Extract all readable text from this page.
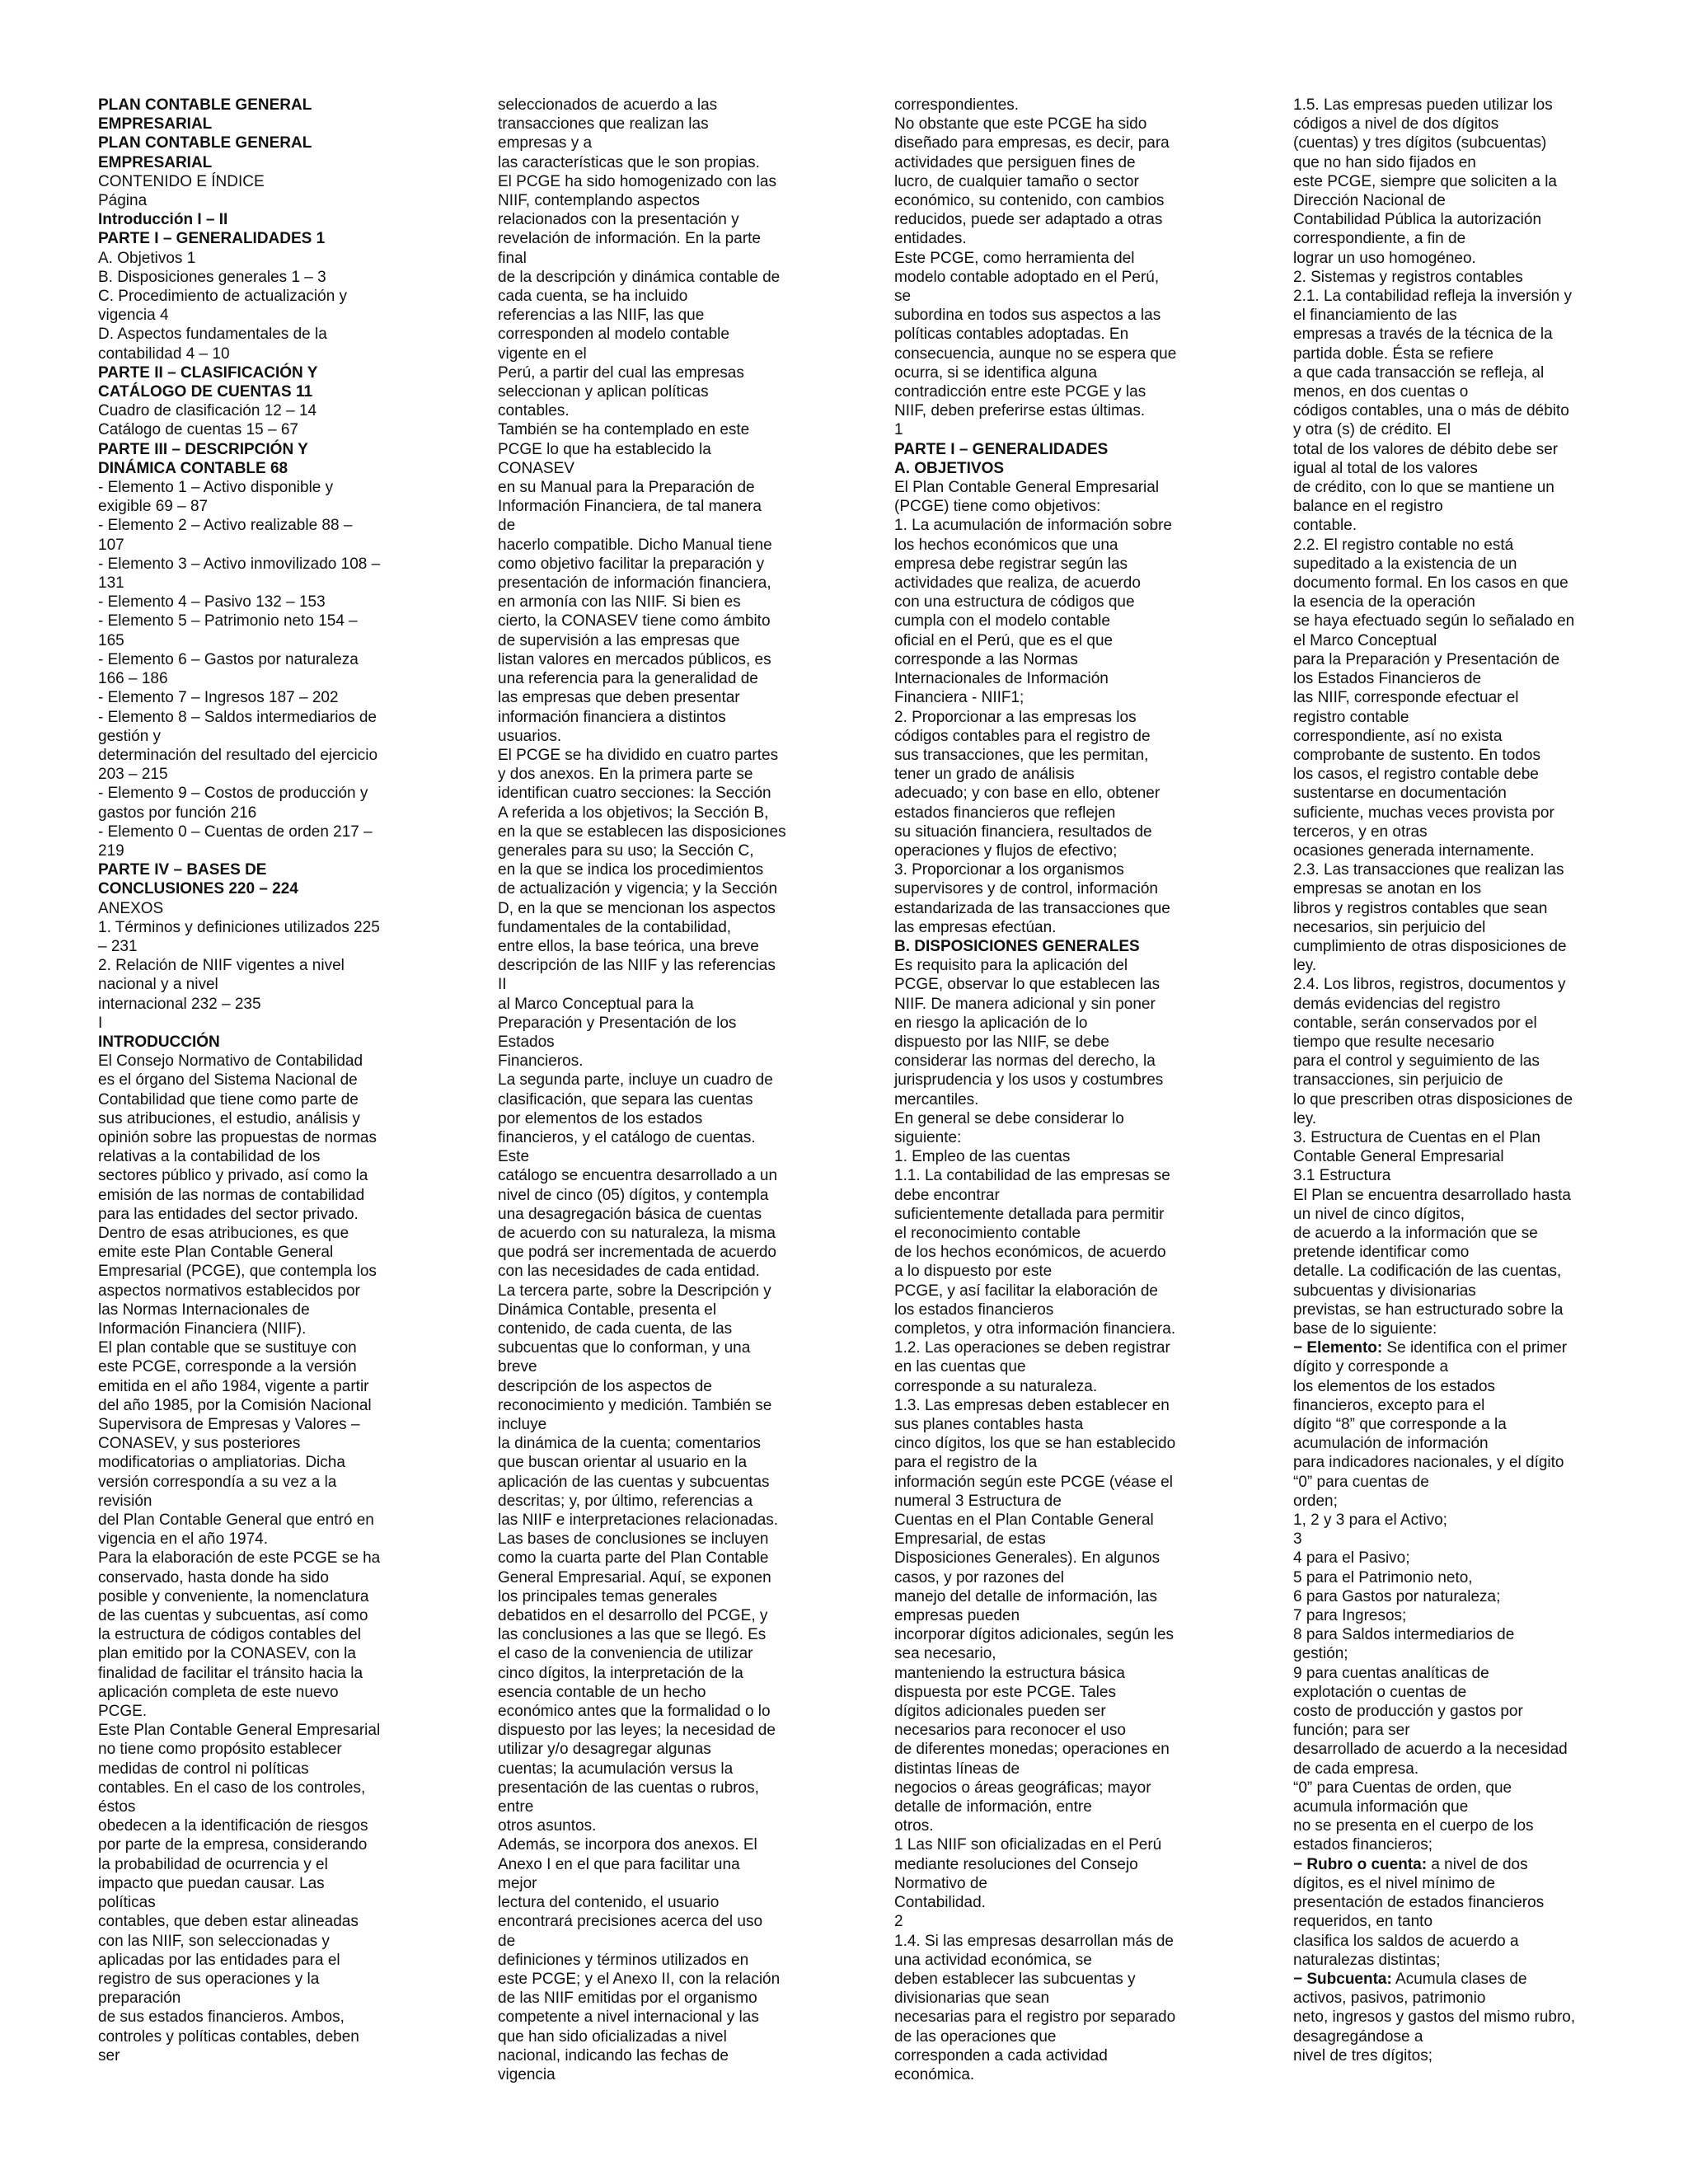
PLAN CONTABLE GENERAL
EMPRESARIAL
PLAN CONTABLE GENERAL
EMPRESARIAL
CONTENIDO E ÍNDICE
Página
Introducción I – II
PARTE I – GENERALIDADES 1
A. Objetivos 1
B. Disposiciones generales 1 – 3
C. Procedimiento de actualización y
vigencia 4
D. Aspectos fundamentales de la
contabilidad 4 – 10
PARTE II – CLASIFICACIÓN Y
CATÁLOGO DE CUENTAS 11
Cuadro de clasificación 12 – 14
Catálogo de cuentas 15 – 67
PARTE III – DESCRIPCIÓN Y
DINÁMICA CONTABLE 68
- Elemento 1 – Activo disponible y
exigible 69 – 87
- Elemento 2 – Activo realizable 88 –
107
- Elemento 3 – Activo inmovilizado 108 –
131
- Elemento 4 – Pasivo 132 – 153
- Elemento 5 – Patrimonio neto 154 –
165
- Elemento 6 – Gastos por naturaleza
166 – 186
- Elemento 7 – Ingresos 187 – 202
- Elemento 8 – Saldos intermediarios de
gestión y
determinación del resultado del ejercicio
203 – 215
- Elemento 9 – Costos de producción y
gastos por función 216
- Elemento 0 – Cuentas de orden 217 –
219
PARTE IV – BASES DE
CONCLUSIONES 220 – 224
ANEXOS
1. Términos y definiciones utilizados 225
– 231
2. Relación de NIIF vigentes a nivel
nacional y a nivel
internacional 232 – 235
I
INTRODUCCIÓN
El Consejo Normativo de Contabilidad
es el órgano del Sistema Nacional de
Contabilidad que tiene como parte de
sus atribuciones, el estudio, análisis y
opinión sobre las propuestas de normas
relativas a la contabilidad de los
sectores público y privado, así como la
emisión de las normas de contabilidad
para las entidades del sector privado.
Dentro de esas atribuciones, es que
emite este Plan Contable General
Empresarial (PCGE), que contempla los
aspectos normativos establecidos por
las Normas Internacionales de
Información Financiera (NIIF).
El plan contable que se sustituye con
este PCGE, corresponde a la versión
emitida en el año 1984, vigente a partir
del año 1985, por la Comisión Nacional
Supervisora de Empresas y Valores –
CONASEV, y sus posteriores
modificatorias o ampliatorias. Dicha
versión correspondía a su vez a la
revisión
del Plan Contable General que entró en
vigencia en el año 1974.
Para la elaboración de este PCGE se ha
conservado, hasta donde ha sido
posible y conveniente, la nomenclatura
de las cuentas y subcuentas, así como
la estructura de códigos contables del
plan emitido por la CONASEV, con la
finalidad de facilitar el tránsito hacia la
aplicación completa de este nuevo
PCGE.
Este Plan Contable General Empresarial
no tiene como propósito establecer
medidas de control ni políticas
contables. En el caso de los controles,
éstos
obedecen a la identificación de riesgos
por parte de la empresa, considerando
la probabilidad de ocurrencia y el
impacto que puedan causar. Las
políticas
contables, que deben estar alineadas
con las NIIF, son seleccionadas y
aplicadas por las entidades para el
registro de sus operaciones y la
preparación
de sus estados financieros. Ambos,
controles y políticas contables, deben
ser
seleccionados de acuerdo a las
transacciones que realizan las
empresas y a
las características que le son propias.
El PCGE ha sido homogenizado con las
NIIF, contemplando aspectos
relacionados con la presentación y
revelación de información. En la parte
final
de la descripción y dinámica contable de
cada cuenta, se ha incluido
referencias a las NIIF, las que
corresponden al modelo contable
vigente en el
Perú, a partir del cual las empresas
seleccionan y aplican políticas
contables.
También se ha contemplado en este
PCGE lo que ha establecido la
CONASEV
en su Manual para la Preparación de
Información Financiera, de tal manera
de
hacerlo compatible. Dicho Manual tiene
como objetivo facilitar la preparación y
presentación de información financiera,
en armonía con las NIIF. Si bien es
cierto, la CONASEV tiene como ámbito
de supervisión a las empresas que
listan valores en mercados públicos, es
una referencia para la generalidad de
las empresas que deben presentar
información financiera a distintos
usuarios.
El PCGE se ha dividido en cuatro partes
y dos anexos. En la primera parte se
identifican cuatro secciones: la Sección
A referida a los objetivos; la Sección B,
en la que se establecen las disposiciones
generales para su uso; la Sección C,
en la que se indica los procedimientos
de actualización y vigencia; y la Sección
D, en la que se mencionan los aspectos
fundamentales de la contabilidad,
entre ellos, la base teórica, una breve
descripción de las NIIF y las referencias
II
al Marco Conceptual para la
Preparación y Presentación de los
Estados
Financieros.
La segunda parte, incluye un cuadro de
clasificación, que separa las cuentas
por elementos de los estados
financieros, y el catálogo de cuentas.
Este
catálogo se encuentra desarrollado a un
nivel de cinco (05) dígitos, y contempla
una desagregación básica de cuentas
de acuerdo con su naturaleza, la misma
que podrá ser incrementada de acuerdo
con las necesidades de cada entidad.
La tercera parte, sobre la Descripción y
Dinámica Contable, presenta el
contenido, de cada cuenta, de las
subcuentas que lo conforman, y una
breve
descripción de los aspectos de
reconocimiento y medición. También se
incluye
la dinámica de la cuenta; comentarios
que buscan orientar al usuario en la
aplicación de las cuentas y subcuentas
descritas; y, por último, referencias a
las NIIF e interpretaciones relacionadas.
Las bases de conclusiones se incluyen
como la cuarta parte del Plan Contable
General Empresarial. Aquí, se exponen
los principales temas generales
debatidos en el desarrollo del PCGE, y
las conclusiones a las que se llegó. Es
el caso de la conveniencia de utilizar
cinco dígitos, la interpretación de la
esencia contable de un hecho
económico antes que la formalidad o lo
dispuesto por las leyes; la necesidad de
utilizar y/o desagregar algunas
cuentas; la acumulación versus la
presentación de las cuentas o rubros,
entre
otros asuntos.
Además, se incorpora dos anexos. El
Anexo I en el que para facilitar una
mejor
lectura del contenido, el usuario
encontrará precisiones acerca del uso
de
definiciones y términos utilizados en
este PCGE; y el Anexo II, con la relación
de las NIIF emitidas por el organismo
competente a nivel internacional y las
que han sido oficializadas a nivel
nacional, indicando las fechas de
vigencia
correspondientes.
No obstante que este PCGE ha sido
diseñado para empresas, es decir, para
actividades que persiguen fines de
lucro, de cualquier tamaño o sector
económico, su contenido, con cambios
reducidos, puede ser adaptado a otras
entidades.
Este PCGE, como herramienta del
modelo contable adoptado en el Perú,
se
subordina en todos sus aspectos a las
políticas contables adoptadas. En
consecuencia, aunque no se espera que
ocurra, si se identifica alguna
contradicción entre este PCGE y las
NIIF, deben preferirse estas últimas.
1
PARTE I – GENERALIDADES
A. OBJETIVOS
El Plan Contable General Empresarial
(PCGE) tiene como objetivos:
1. La acumulación de información sobre
los hechos económicos que una
empresa debe registrar según las
actividades que realiza, de acuerdo
con una estructura de códigos que
cumpla con el modelo contable
oficial en el Perú, que es el que
corresponde a las Normas
Internacionales de Información
Financiera - NIIF1;
2. Proporcionar a las empresas los
códigos contables para el registro de
sus transacciones, que les permitan,
tener un grado de análisis
adecuado; y con base en ello, obtener
estados financieros que reflejen
su situación financiera, resultados de
operaciones y flujos de efectivo;
3. Proporcionar a los organismos
supervisores y de control, información
estandarizada de las transacciones que
las empresas efectúan.
B. DISPOSICIONES GENERALES
Es requisito para la aplicación del
PCGE, observar lo que establecen las
NIIF. De manera adicional y sin poner
en riesgo la aplicación de lo
dispuesto por las NIIF, se debe
considerar las normas del derecho, la
jurisprudencia y los usos y costumbres
mercantiles.
En general se debe considerar lo
siguiente:
1. Empleo de las cuentas
1.1. La contabilidad de las empresas se
debe encontrar
suficientemente detallada para permitir
el reconocimiento contable
de los hechos económicos, de acuerdo
a lo dispuesto por este
PCGE, y así facilitar la elaboración de
los estados financieros
completos, y otra información financiera.
1.2. Las operaciones se deben registrar
en las cuentas que
corresponde a su naturaleza.
1.3. Las empresas deben establecer en
sus planes contables hasta
cinco dígitos, los que se han establecido
para el registro de la
información según este PCGE (véase el
numeral 3 Estructura de
Cuentas en el Plan Contable General
Empresarial, de estas
Disposiciones Generales). En algunos
casos, y por razones del
manejo del detalle de información, las
empresas pueden
incorporar dígitos adicionales, según les
sea necesario,
manteniendo la estructura básica
dispuesta por este PCGE. Tales
dígitos adicionales pueden ser
necesarios para reconocer el uso
de diferentes monedas; operaciones en
distintas líneas de
negocios o áreas geográficas; mayor
detalle de información, entre
otros.
1 Las NIIF son oficializadas en el Perú
mediante resoluciones del Consejo
Normativo de
Contabilidad.
2
1.4. Si las empresas desarrollan más de
una actividad económica, se
deben establecer las subcuentas y
divisionarias que sean
necesarias para el registro por separado
de las operaciones que
corresponden a cada actividad
económica.
1.5. Las empresas pueden utilizar los
códigos a nivel de dos dígitos
(cuentas) y tres dígitos (subcuentas)
que no han sido fijados en
este PCGE, siempre que soliciten a la
Dirección Nacional de
Contabilidad Pública la autorización
correspondiente, a fin de
lograr un uso homogéneo.
2. Sistemas y registros contables
2.1. La contabilidad refleja la inversión y
el financiamiento de las
empresas a través de la técnica de la
partida doble. Ésta se refiere
a que cada transacción se refleja, al
menos, en dos cuentas o
códigos contables, una o más de débito
y otra (s) de crédito. El
total de los valores de débito debe ser
igual al total de los valores
de crédito, con lo que se mantiene un
balance en el registro
contable.
2.2. El registro contable no está
supeditado a la existencia de un
documento formal. En los casos en que
la esencia de la operación
se haya efectuado según lo señalado en
el Marco Conceptual
para la Preparación y Presentación de
los Estados Financieros de
las NIIF, corresponde efectuar el
registro contable
correspondiente, así no exista
comprobante de sustento. En todos
los casos, el registro contable debe
sustentarse en documentación
suficiente, muchas veces provista por
terceros, y en otras
ocasiones generada internamente.
2.3. Las transacciones que realizan las
empresas se anotan en los
libros y registros contables que sean
necesarios, sin perjuicio del
cumplimiento de otras disposiciones de
ley.
2.4. Los libros, registros, documentos y
demás evidencias del registro
contable, serán conservados por el
tiempo que resulte necesario
para el control y seguimiento de las
transacciones, sin perjuicio de
lo que prescriben otras disposiciones de
ley.
3. Estructura de Cuentas en el Plan
Contable General Empresarial
3.1 Estructura
El Plan se encuentra desarrollado hasta
un nivel de cinco dígitos,
de acuerdo a la información que se
pretende identificar como
detalle. La codificación de las cuentas,
subcuentas y divisionarias
previstas, se han estructurado sobre la
base de lo siguiente:
− Elemento: Se identifica con el primer
dígito y corresponde a
los elementos de los estados
financieros, excepto para el
dígito “8” que corresponde a la
acumulación de información
para indicadores nacionales, y el dígito
“0” para cuentas de
orden;
1, 2 y 3 para el Activo;
3
4 para el Pasivo;
5 para el Patrimonio neto,
6 para Gastos por naturaleza;
7 para Ingresos;
8 para Saldos intermediarios de
gestión;
9 para cuentas analíticas de
explotación o cuentas de
costo de producción y gastos por
función; para ser
desarrollado de acuerdo a la necesidad
de cada empresa.
“0” para Cuentas de orden, que
acumula información que
no se presenta en el cuerpo de los
estados financieros;
− Rubro o cuenta: a nivel de dos
dígitos, es el nivel mínimo de
presentación de estados financieros
requeridos, en tanto
clasifica los saldos de acuerdo a
naturalezas distintas;
− Subcuenta: Acumula clases de
activos, pasivos, patrimonio
neto, ingresos y gastos del mismo rubro,
desagregándose a
nivel de tres dígitos;
